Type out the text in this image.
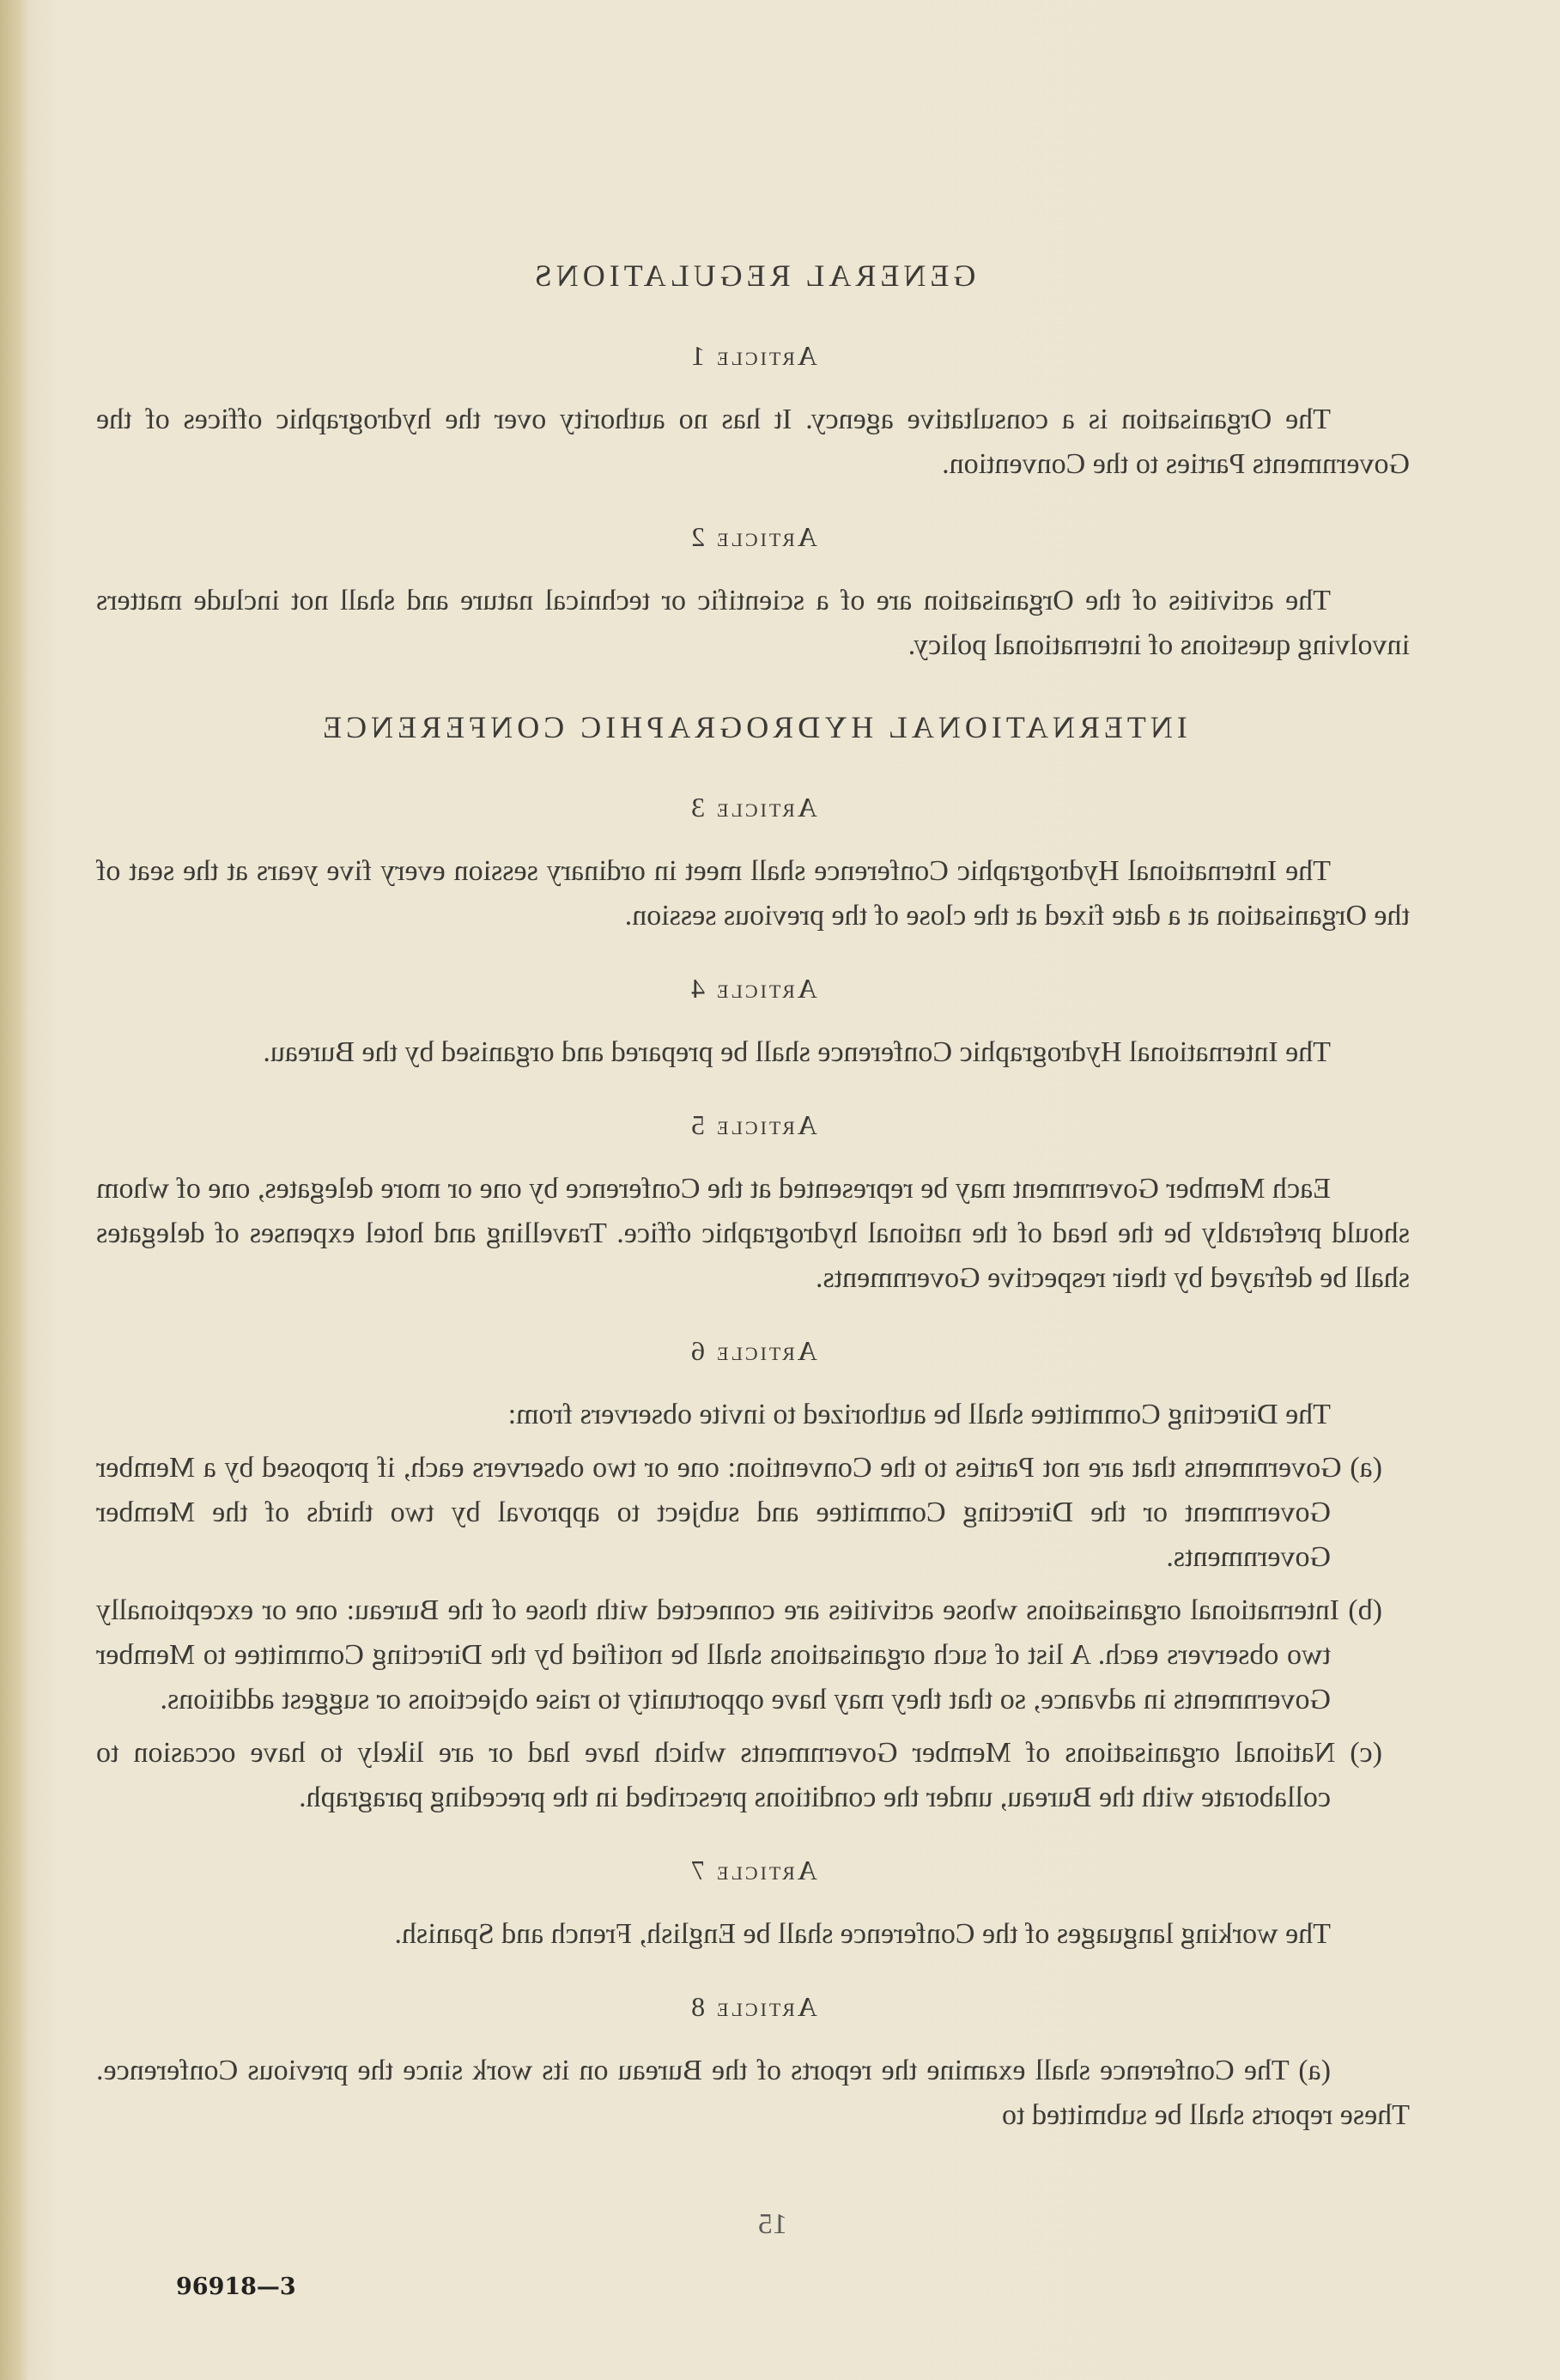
GENERAL REGULATIONS
Article 1

The Organisation is a consultative agency. It has no authority over the hydrographic offices of the Governments Parties to the Convention.

Article 2

The activities of the Organisation are of a scientific or technical nature and shall not include matters involving questions of international policy.

INTERNATIONAL HYDROGRAPHIC CONFERENCE
Article 3

The International Hydrographic Conference shall meet in ordinary session every five years at the seat of the Organisation at a date fixed at the close of the previous session.

Article 4

The International Hydrographic Conference shall be prepared and organised by the Bureau.

Article 5

Each Member Government may be represented at the Conference by one or more delegates, one of whom should preferably be the head of the national hydrographic office. Travelling and hotel expenses of delegates shall be defrayed by their respective Governments.

Article 6

The Directing Committee shall be authorized to invite observers from:

(a) Governments that are not Parties to the Convention: one or two observers each, if proposed by a Member Government or the Directing Committee and subject to approval by two thirds of the Member Governments.

(b) International organisations whose activities are connected with those of the Bureau: one or exceptionally two observers each. A list of such organisations shall be notified by the Directing Committee to Member Governments in advance, so that they may have opportunity to raise objections or suggest additions.

(c) National organisations of Member Governments which have had or are likely to have occasion to collaborate with the Bureau, under the conditions prescribed in the preceding paragraph.

Article 7

The working languages of the Conference shall be English, French and Spanish.

Article 8

(a) The Conference shall examine the reports of the Bureau on its work since the previous Conference. These reports shall be submitted to

15
96918—3
